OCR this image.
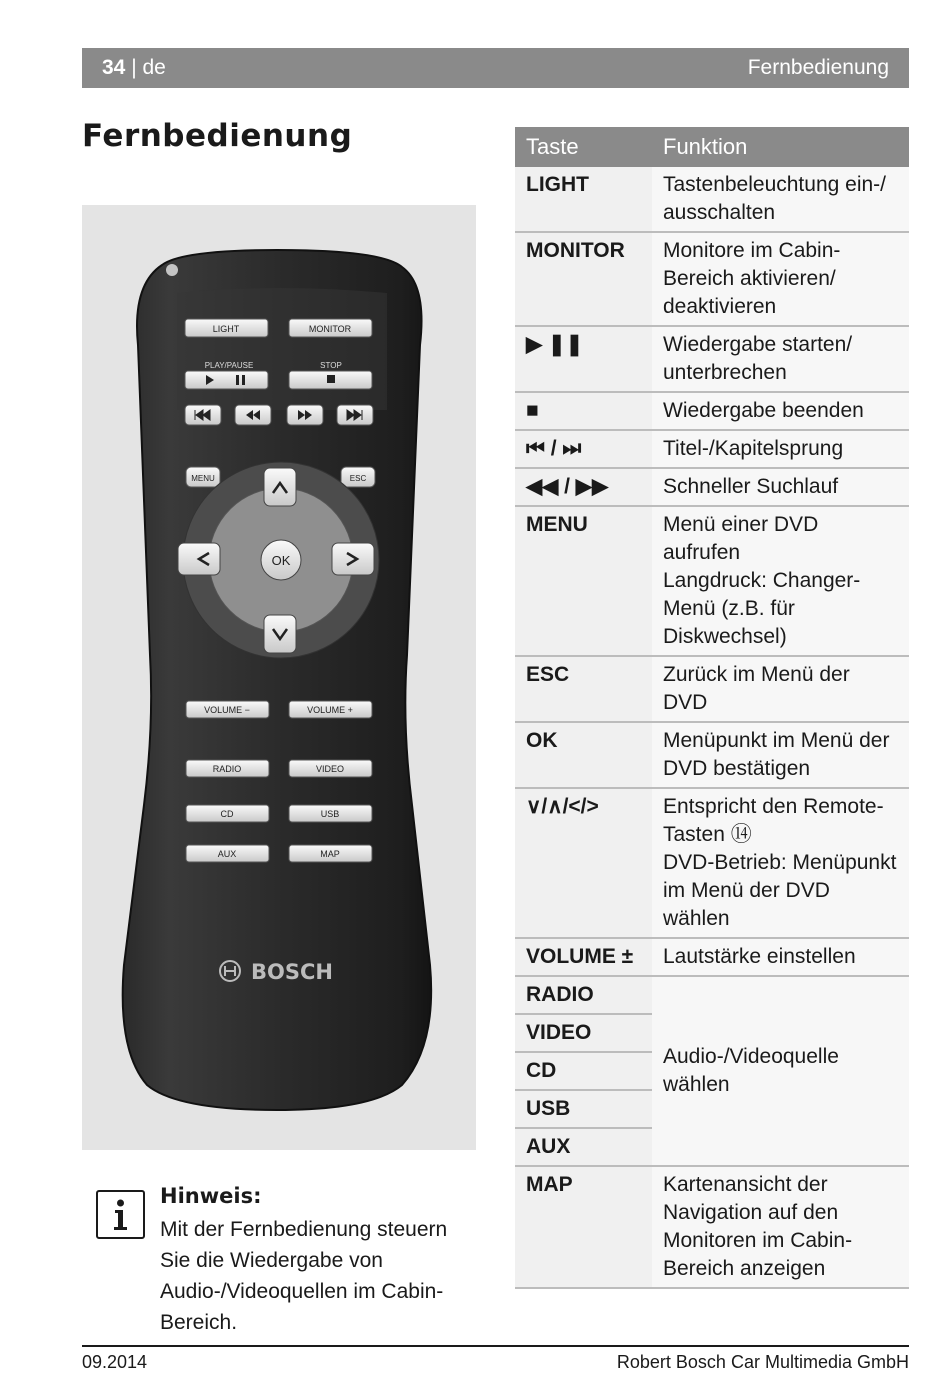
34 | de	Fernbedienung
Fernbedienung
LIGHT	MONITOR
PLAY/PAUSE	STOP
MENU	ESC
OK
VOLUME −	VOLUME +
RADIO	VIDEO
CD	USB
AUX	MAP
BOSCH
Taste	Funktion
LIGHT	Tastenbeleuchtung ein-/ ausschalten
MONITOR	Monitore im Cabin-Bereich aktivieren/ deaktivieren
▶ ❚❚	Wiedergabe starten/ unterbrechen
■	Wiedergabe beenden
⏮ / ⏭	Titel-/Kapitelsprung
◀◀ / ▶▶	Schneller Suchlauf
MENU	Menü einer DVD aufrufen
Langdruck: Changer-Menü (z.B. für Diskwechsel)

ESC	Zurück im Menü der DVD
OK	Menüpunkt im Menü der DVD bestätigen
∨/∧/</>	Entspricht den Remote-Tasten ⑭
DVD-Betrieb: Menüpunkt im Menü der DVD wählen

VOLUME ±	Lautstärke einstellen
RADIO	Audio-/Videoquelle wählen
VIDEO	
CD	
USB	
AUX	
MAP	Kartenansicht der Navigation auf den Monitoren im Cabin-Bereich anzeigen
Hinweis:
Mit der Fernbedienung steuern Sie die Wiedergabe von Audio-/Videoquellen im Cabin-Bereich.
09.2014	Robert Bosch Car Multimedia GmbH
